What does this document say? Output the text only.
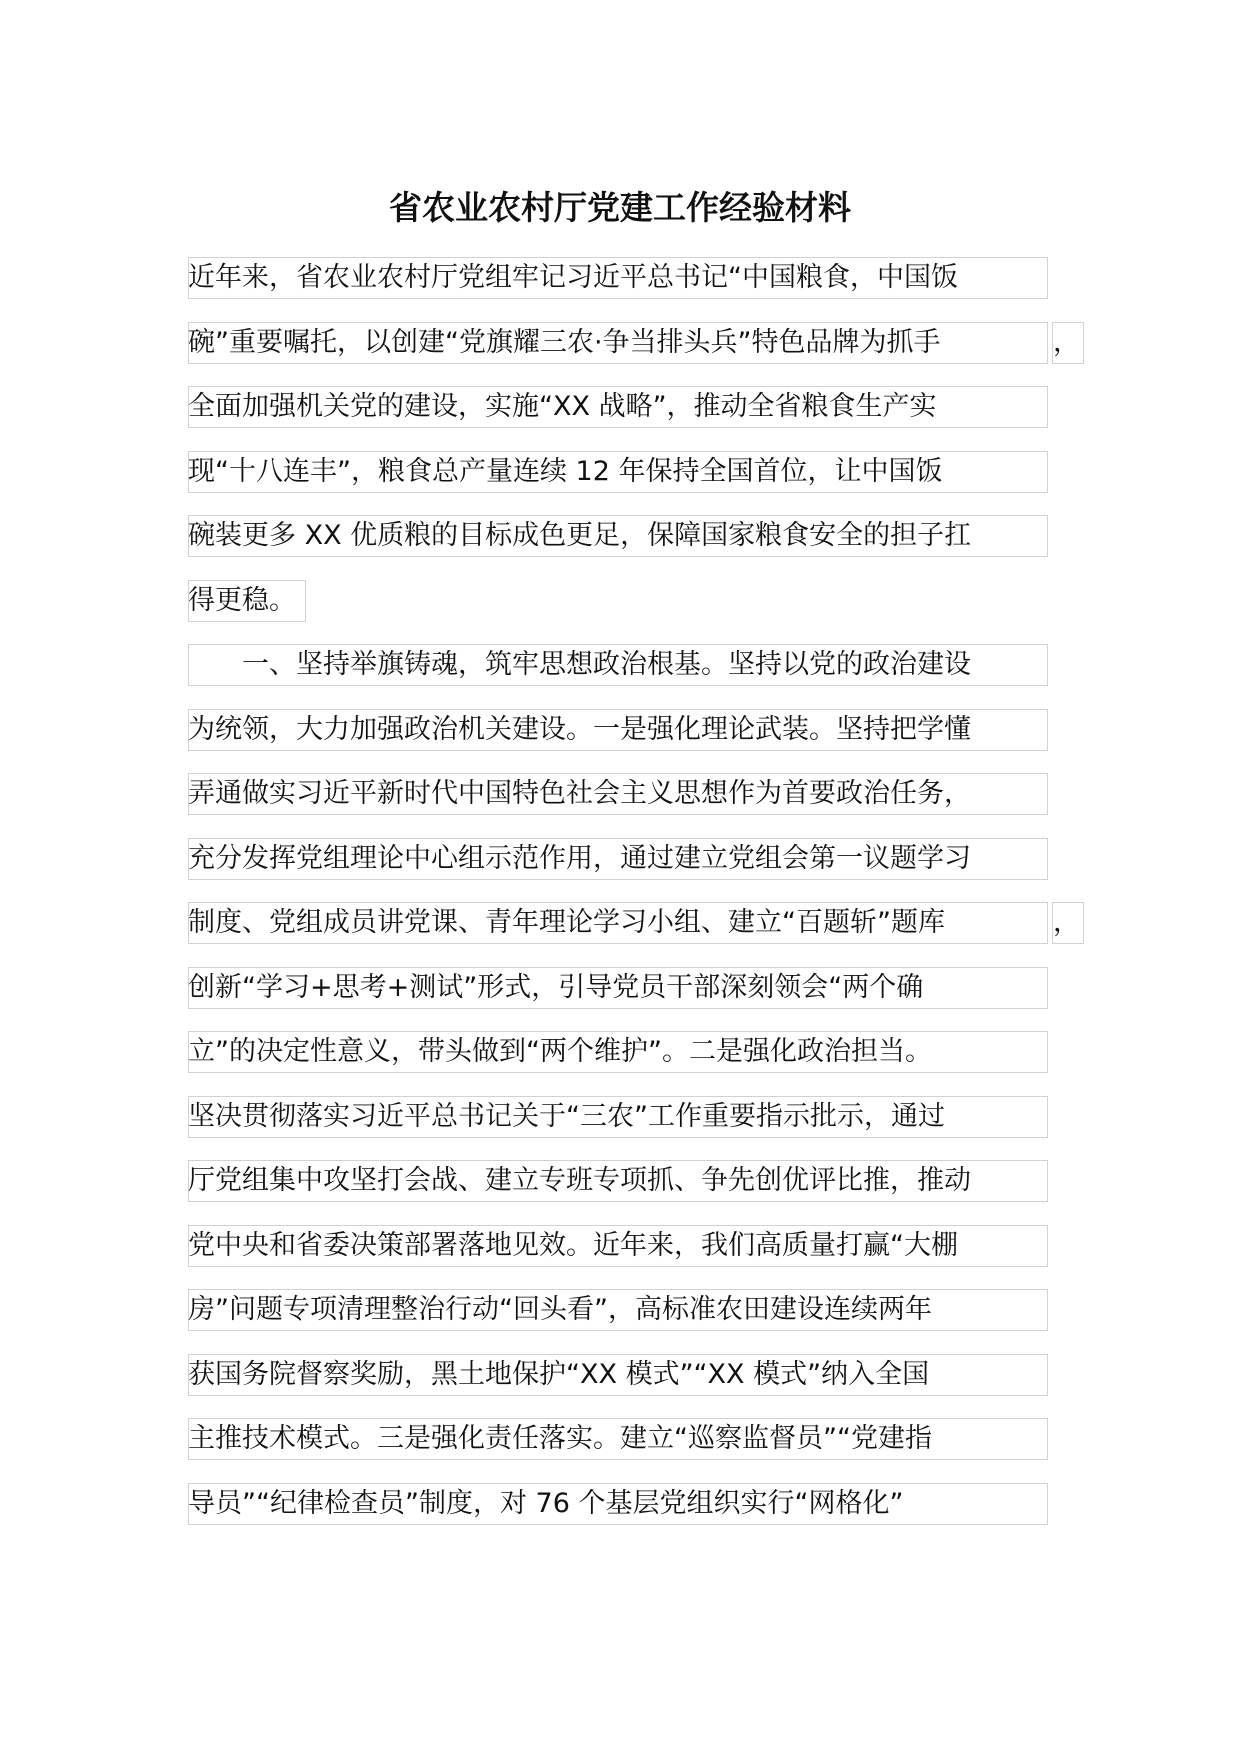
省农业农村厅党建工作经验材料
近年来，省农业农村厅党组牢记习近平总书记“中国粮食，中国饭
碗”重要嘱托，以创建“党旗耀三农·争当排头兵”特色品牌为抓手	，
全面加强机关党的建设，实施“XX 战略”，推动全省粮食生产实
现“十八连丰”，粮食总产量连续 12 年保持全国首位，让中国饭
碗装更多 XX 优质粮的目标成色更足，保障国家粮食安全的担子扛
得更稳。
一、坚持举旗铸魂，筑牢思想政治根基。坚持以党的政治建设
为统领，大力加强政治机关建设。一是强化理论武装。坚持把学懂
弄通做实习近平新时代中国特色社会主义思想作为首要政治任务，
充分发挥党组理论中心组示范作用，通过建立党组会第一议题学习
制度、党组成员讲党课、青年理论学习小组、建立“百题斩”题库	，
创新“学习+思考+测试”形式，引导党员干部深刻领会“两个确
立”的决定性意义，带头做到“两个维护”。二是强化政治担当。
坚决贯彻落实习近平总书记关于“三农”工作重要指示批示，通过
厅党组集中攻坚打会战、建立专班专项抓、争先创优评比推，推动
党中央和省委决策部署落地见效。近年来，我们高质量打赢“大棚
房”问题专项清理整治行动“回头看”，高标准农田建设连续两年
获国务院督察奖励，黑土地保护“XX 模式”“XX 模式”纳入全国
主推技术模式。三是强化责任落实。建立“巡察监督员”“党建指
导员”“纪律检查员”制度，对 76 个基层党组织实行“网格化”
